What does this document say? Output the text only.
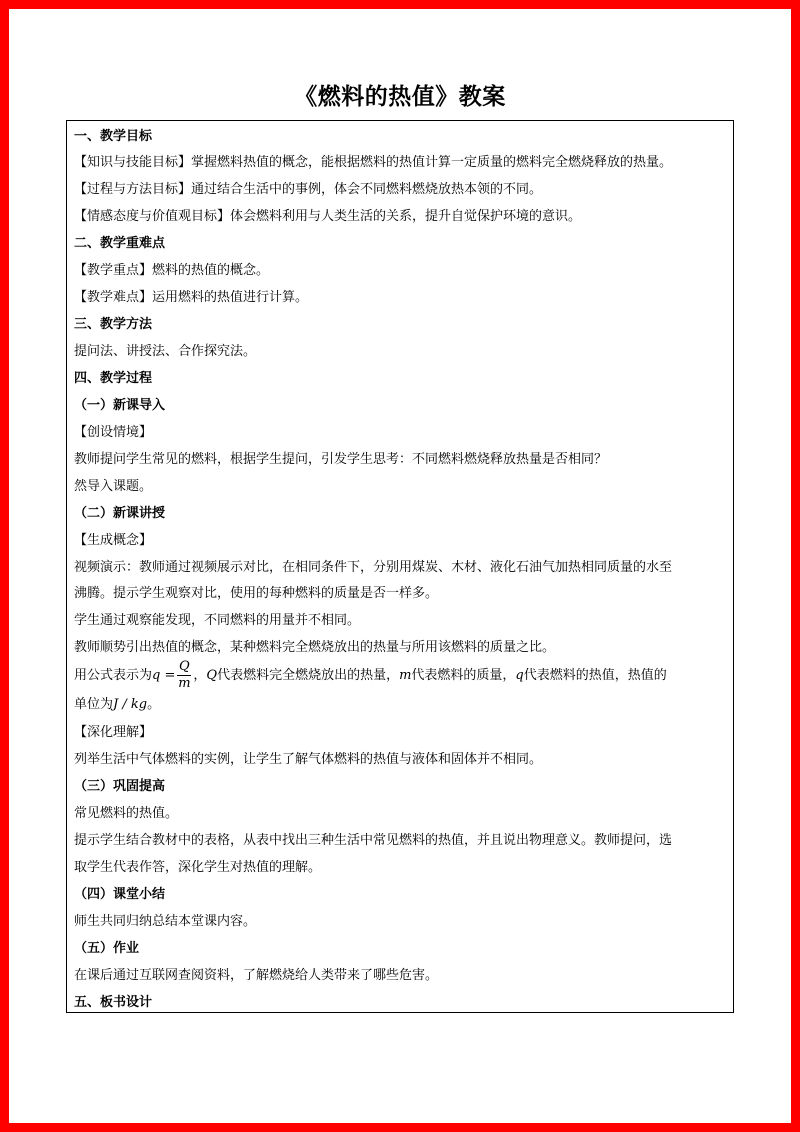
《燃料的热值》教案
一、教学目标
【知识与技能目标】掌握燃料热值的概念，能根据燃料的热值计算一定质量的燃料完全燃烧释放的热量。
【过程与方法目标】通过结合生活中的事例，体会不同燃料燃烧放热本领的不同。
【情感态度与价值观目标】体会燃料利用与人类生活的关系，提升自觉保护环境的意识。
二、教学重难点
【教学重点】燃料的热值的概念。
【教学难点】运用燃料的热值进行计算。
三、教学方法
提问法、讲授法、合作探究法。
四、教学过程
（一）新课导入
【创设情境】
教师提问学生常见的燃料，根据学生提问，引发学生思考：不同燃料燃烧释放热量是否相同？
然导入课题。
（二）新课讲授
【生成概念】
视频演示：教师通过视频展示对比，在相同条件下，分别用煤炭、木材、液化石油气加热相同质量的水至
沸腾。提示学生观察对比，使用的每种燃料的质量是否一样多。
学生通过观察能发现，不同燃料的用量并不相同。
教师顺势引出热值的概念，某种燃料完全燃烧放出的热量与所用该燃料的质量之比。
用公式表示为$q = \frac{Q}{m}$ ，Q代表燃料完全燃烧放出的热量，m代表燃料的质量，q代表燃料的热值，热值的
单位为J / kg。
【深化理解】
列举生活中气体燃料的实例，让学生了解气体燃料的热值与液体和固体并不相同。
（三）巩固提高
常见燃料的热值。
提示学生结合教材中的表格，从表中找出三种生活中常见燃料的热值，并且说出物理意义。教师提问，选
取学生代表作答，深化学生对热值的理解。
（四）课堂小结
师生共同归纳总结本堂课内容。
（五）作业
在课后通过互联网查阅资料，了解燃烧给人类带来了哪些危害。
五、板书设计
